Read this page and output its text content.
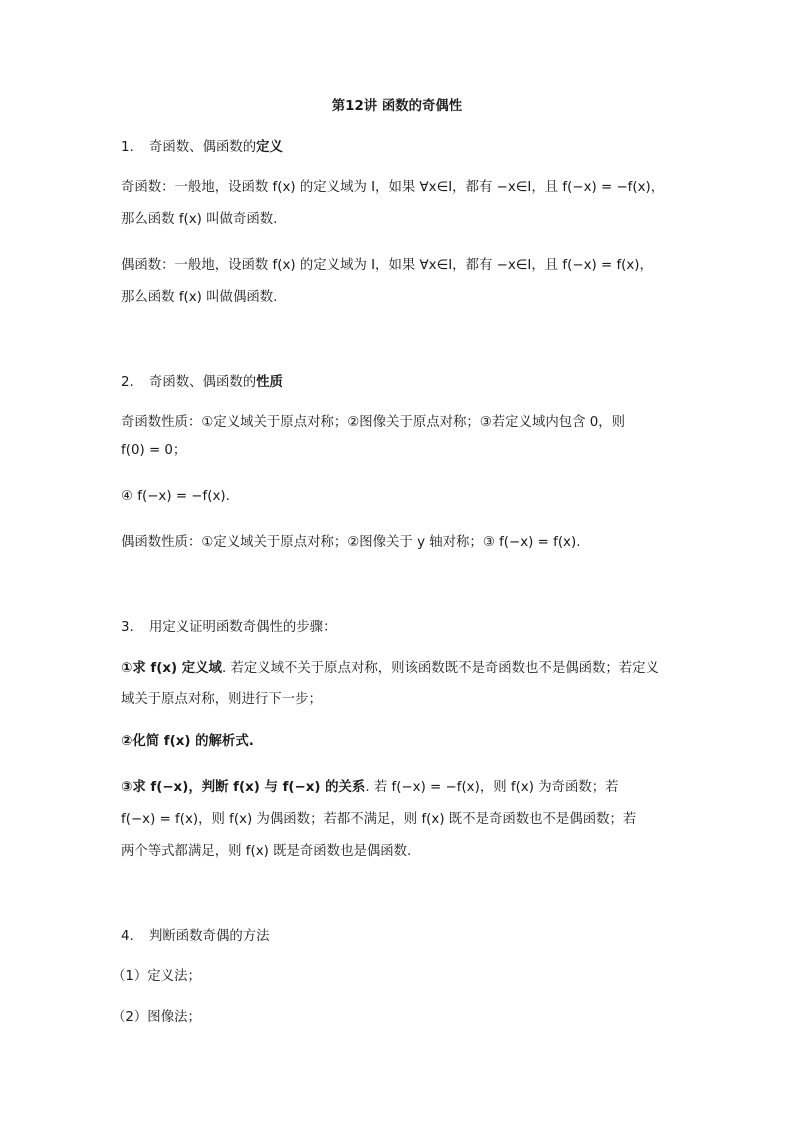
第12讲 函数的奇偶性
1. 奇函数、偶函数的定义
奇函数：一般地，设函数 f(x) 的定义域为 I，如果 ∀x∈I，都有 −x∈I，且 f(−x) = −f(x)，
那么函数 f(x) 叫做奇函数.
偶函数：一般地，设函数 f(x) 的定义域为 I，如果 ∀x∈I，都有 −x∈I，且 f(−x) = f(x)，
那么函数 f(x) 叫做偶函数.
2. 奇函数、偶函数的性质
奇函数性质：①定义域关于原点对称；②图像关于原点对称；③若定义域内包含 0，则
f(0) = 0；
④ f(−x) = −f(x).
偶函数性质：①定义域关于原点对称；②图像关于 y 轴对称；③ f(−x) = f(x).
3. 用定义证明函数奇偶性的步骤：
①求 f(x) 定义域. 若定义域不关于原点对称，则该函数既不是奇函数也不是偶函数；若定义
域关于原点对称，则进行下一步；
②化简 f(x) 的解析式.
③求 f(−x)，判断 f(x) 与 f(−x) 的关系. 若 f(−x) = −f(x)，则 f(x) 为奇函数；若
f(−x) = f(x)，则 f(x) 为偶函数；若都不满足，则 f(x) 既不是奇函数也不是偶函数；若
两个等式都满足，则 f(x) 既是奇函数也是偶函数.
4. 判断函数奇偶的方法
（1）定义法；
（2）图像法；
